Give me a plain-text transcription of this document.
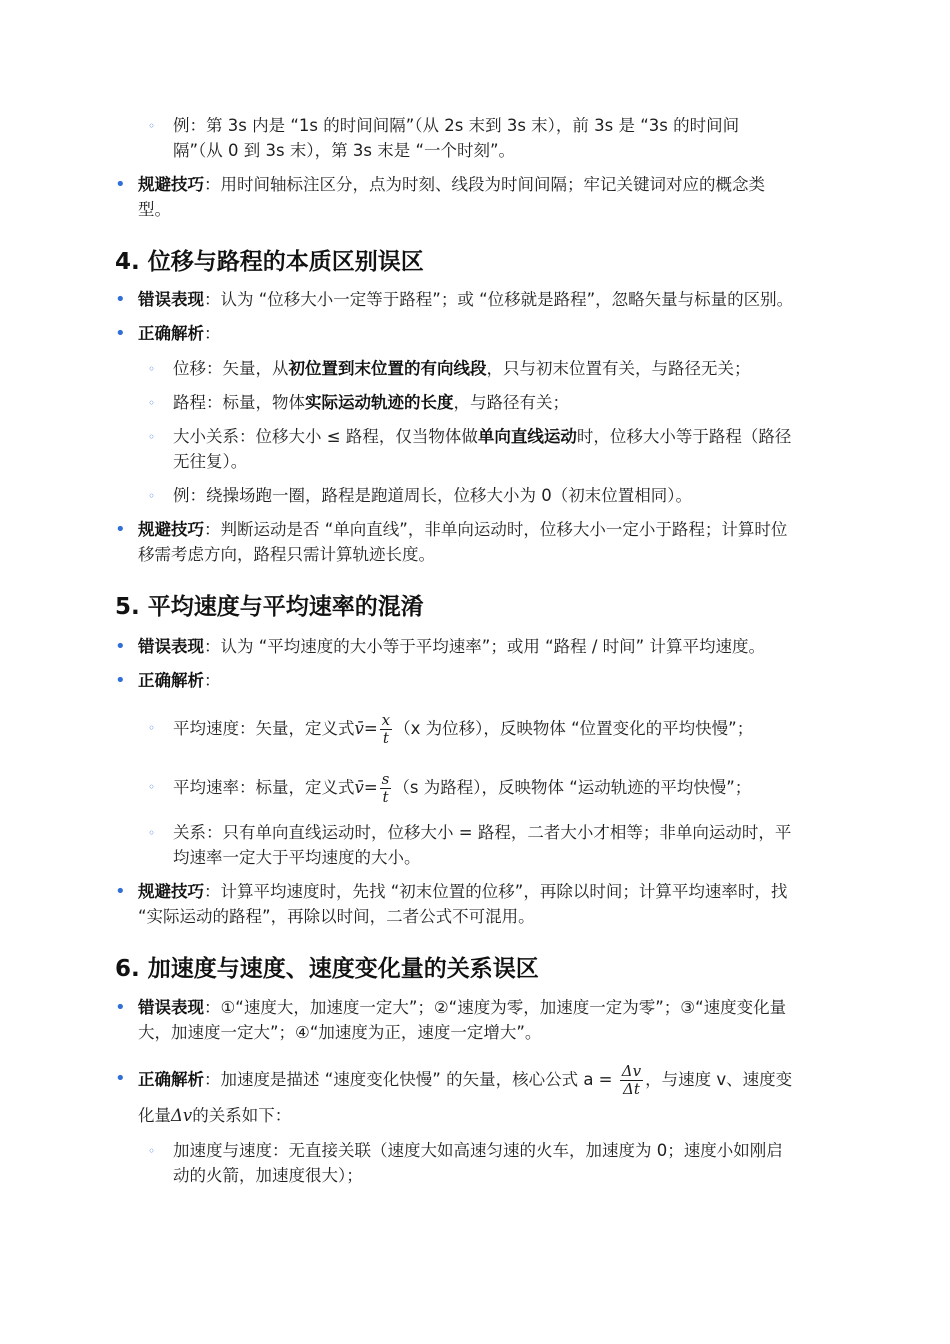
◦ 例：第 3s 内是 “1s 的时间间隔”（从 2s 末到 3s 末），前 3s 是 “3s 的时间间

隔”（从 0 到 3s 末），第 3s 末是 “一个时刻”。

• 规避技巧：用时间轴标注区分，点为时刻、线段为时间间隔；牢记关键词对应的概念类

型。

4. 位移与路程的本质区别误区
• 错误表现：认为 “位移大小一定等于路程”；或 “位移就是路程”，忽略矢量与标量的区别。

• 正确解析：

◦ 位移：矢量，从初位置到末位置的有向线段，只与初末位置有关，与路径无关；

◦ 路程：标量，物体实际运动轨迹的长度，与路径有关；

◦ 大小关系：位移大小 ≤ 路程，仅当物体做单向直线运动时，位移大小等于路程（路径

无往复）。

◦ 例：绕操场跑一圈，路程是跑道周长，位移大小为 0（初末位置相同）。

• 规避技巧：判断运动是否 “单向直线”，非单向运动时，位移大小一定小于路程；计算时位

移需考虑方向，路程只需计算轨迹长度。

5. 平均速度与平均速率的混淆
• 错误表现：认为 “平均速度的大小等于平均速率”；或用 “路程 / 时间” 计算平均速度。

• 正确解析：

◦ 平均速度：矢量，定义式v̄= $\frac{x}{t} (x$ 为位移），反映物体 “位置变化的平均快慢”；

◦ 平均速率：标量，定义式v̄= $\frac{s}{t} (s$ 为路程），反映物体 “运动轨迹的平均快慢”；

◦ 关系：只有单向直线运动时，位移大小 = 路程，二者大小才相等；非单向运动时，平

均速率一定大于平均速度的大小。

• 规避技巧：计算平均速度时，先找 “初末位置的位移”，再除以时间；计算平均速率时，找

“实际运动的路程”，再除以时间，二者公式不可混用。

6. 加速度与速度、速度变化量的关系误区
• 错误表现：①“速度大，加速度一定大”；②“速度为零，加速度一定为零”；③“速度变化量

大，加速度一定大”；④“加速度为正，速度一定增大”。

• 正确解析：加速度是描述 “速度变化快慢” 的矢量，核心公式 $a = \frac{\Delta v}{\Delta t}$ ，与速度 v、速度变

化量Δv的关系如下：

◦ 加速度与速度：无直接关联（速度大如高速匀速的火车，加速度为 0；速度小如刚启

动的火箭，加速度很大）；
